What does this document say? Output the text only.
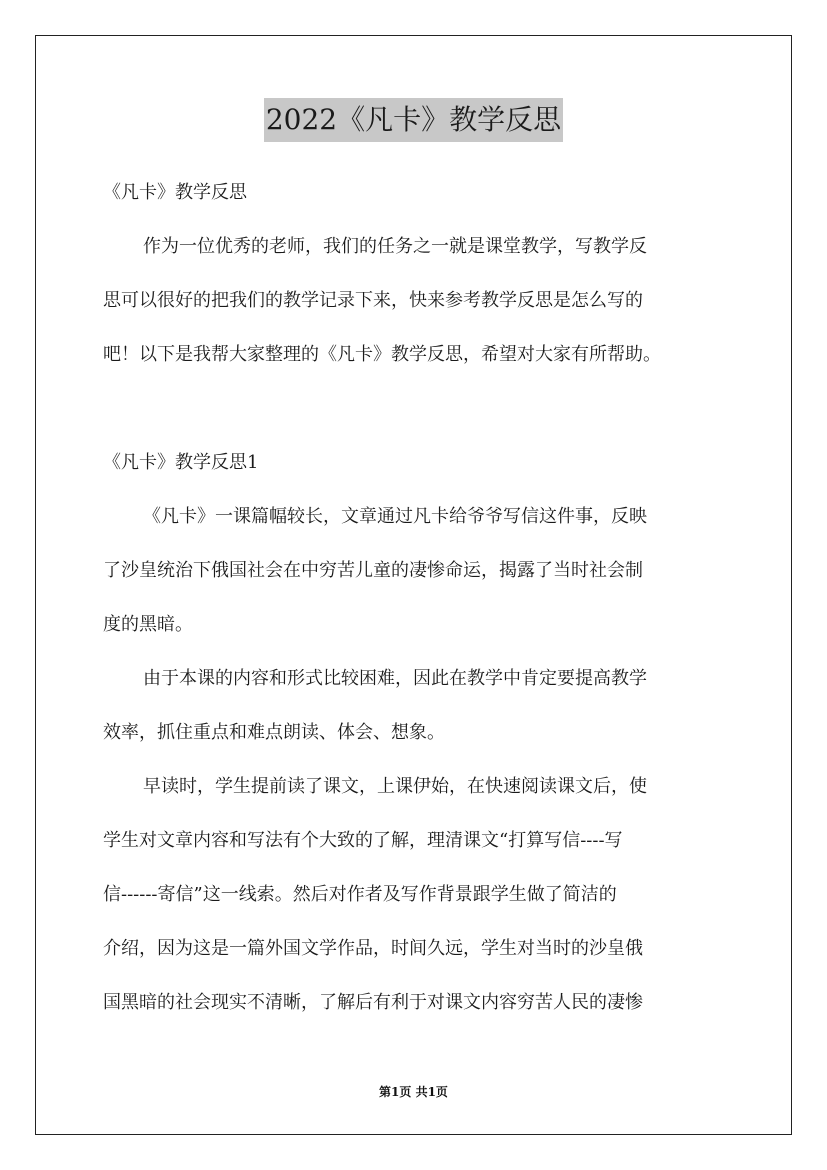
2022《凡卡》教学反思
《凡卡》教学反思
作为一位优秀的老师，我们的任务之一就是课堂教学，写教学反
思可以很好的把我们的教学记录下来，快来参考教学反思是怎么写的
吧！以下是我帮大家整理的《凡卡》教学反思，希望对大家有所帮助。
《凡卡》教学反思1
《凡卡》一课篇幅较长，文章通过凡卡给爷爷写信这件事，反映
了沙皇统治下俄国社会在中穷苦儿童的凄惨命运，揭露了当时社会制
度的黑暗。
由于本课的内容和形式比较困难，因此在教学中肯定要提高教学
效率，抓住重点和难点朗读、体会、想象。
早读时，学生提前读了课文，上课伊始，在快速阅读课文后，使
学生对文章内容和写法有个大致的了解，理清课文“打算写信----写
信------寄信”这一线索。然后对作者及写作背景跟学生做了简洁的
介绍，因为这是一篇外国文学作品，时间久远，学生对当时的沙皇俄
国黑暗的社会现实不清晰，了解后有利于对课文内容穷苦人民的凄惨
第1页 共1页
